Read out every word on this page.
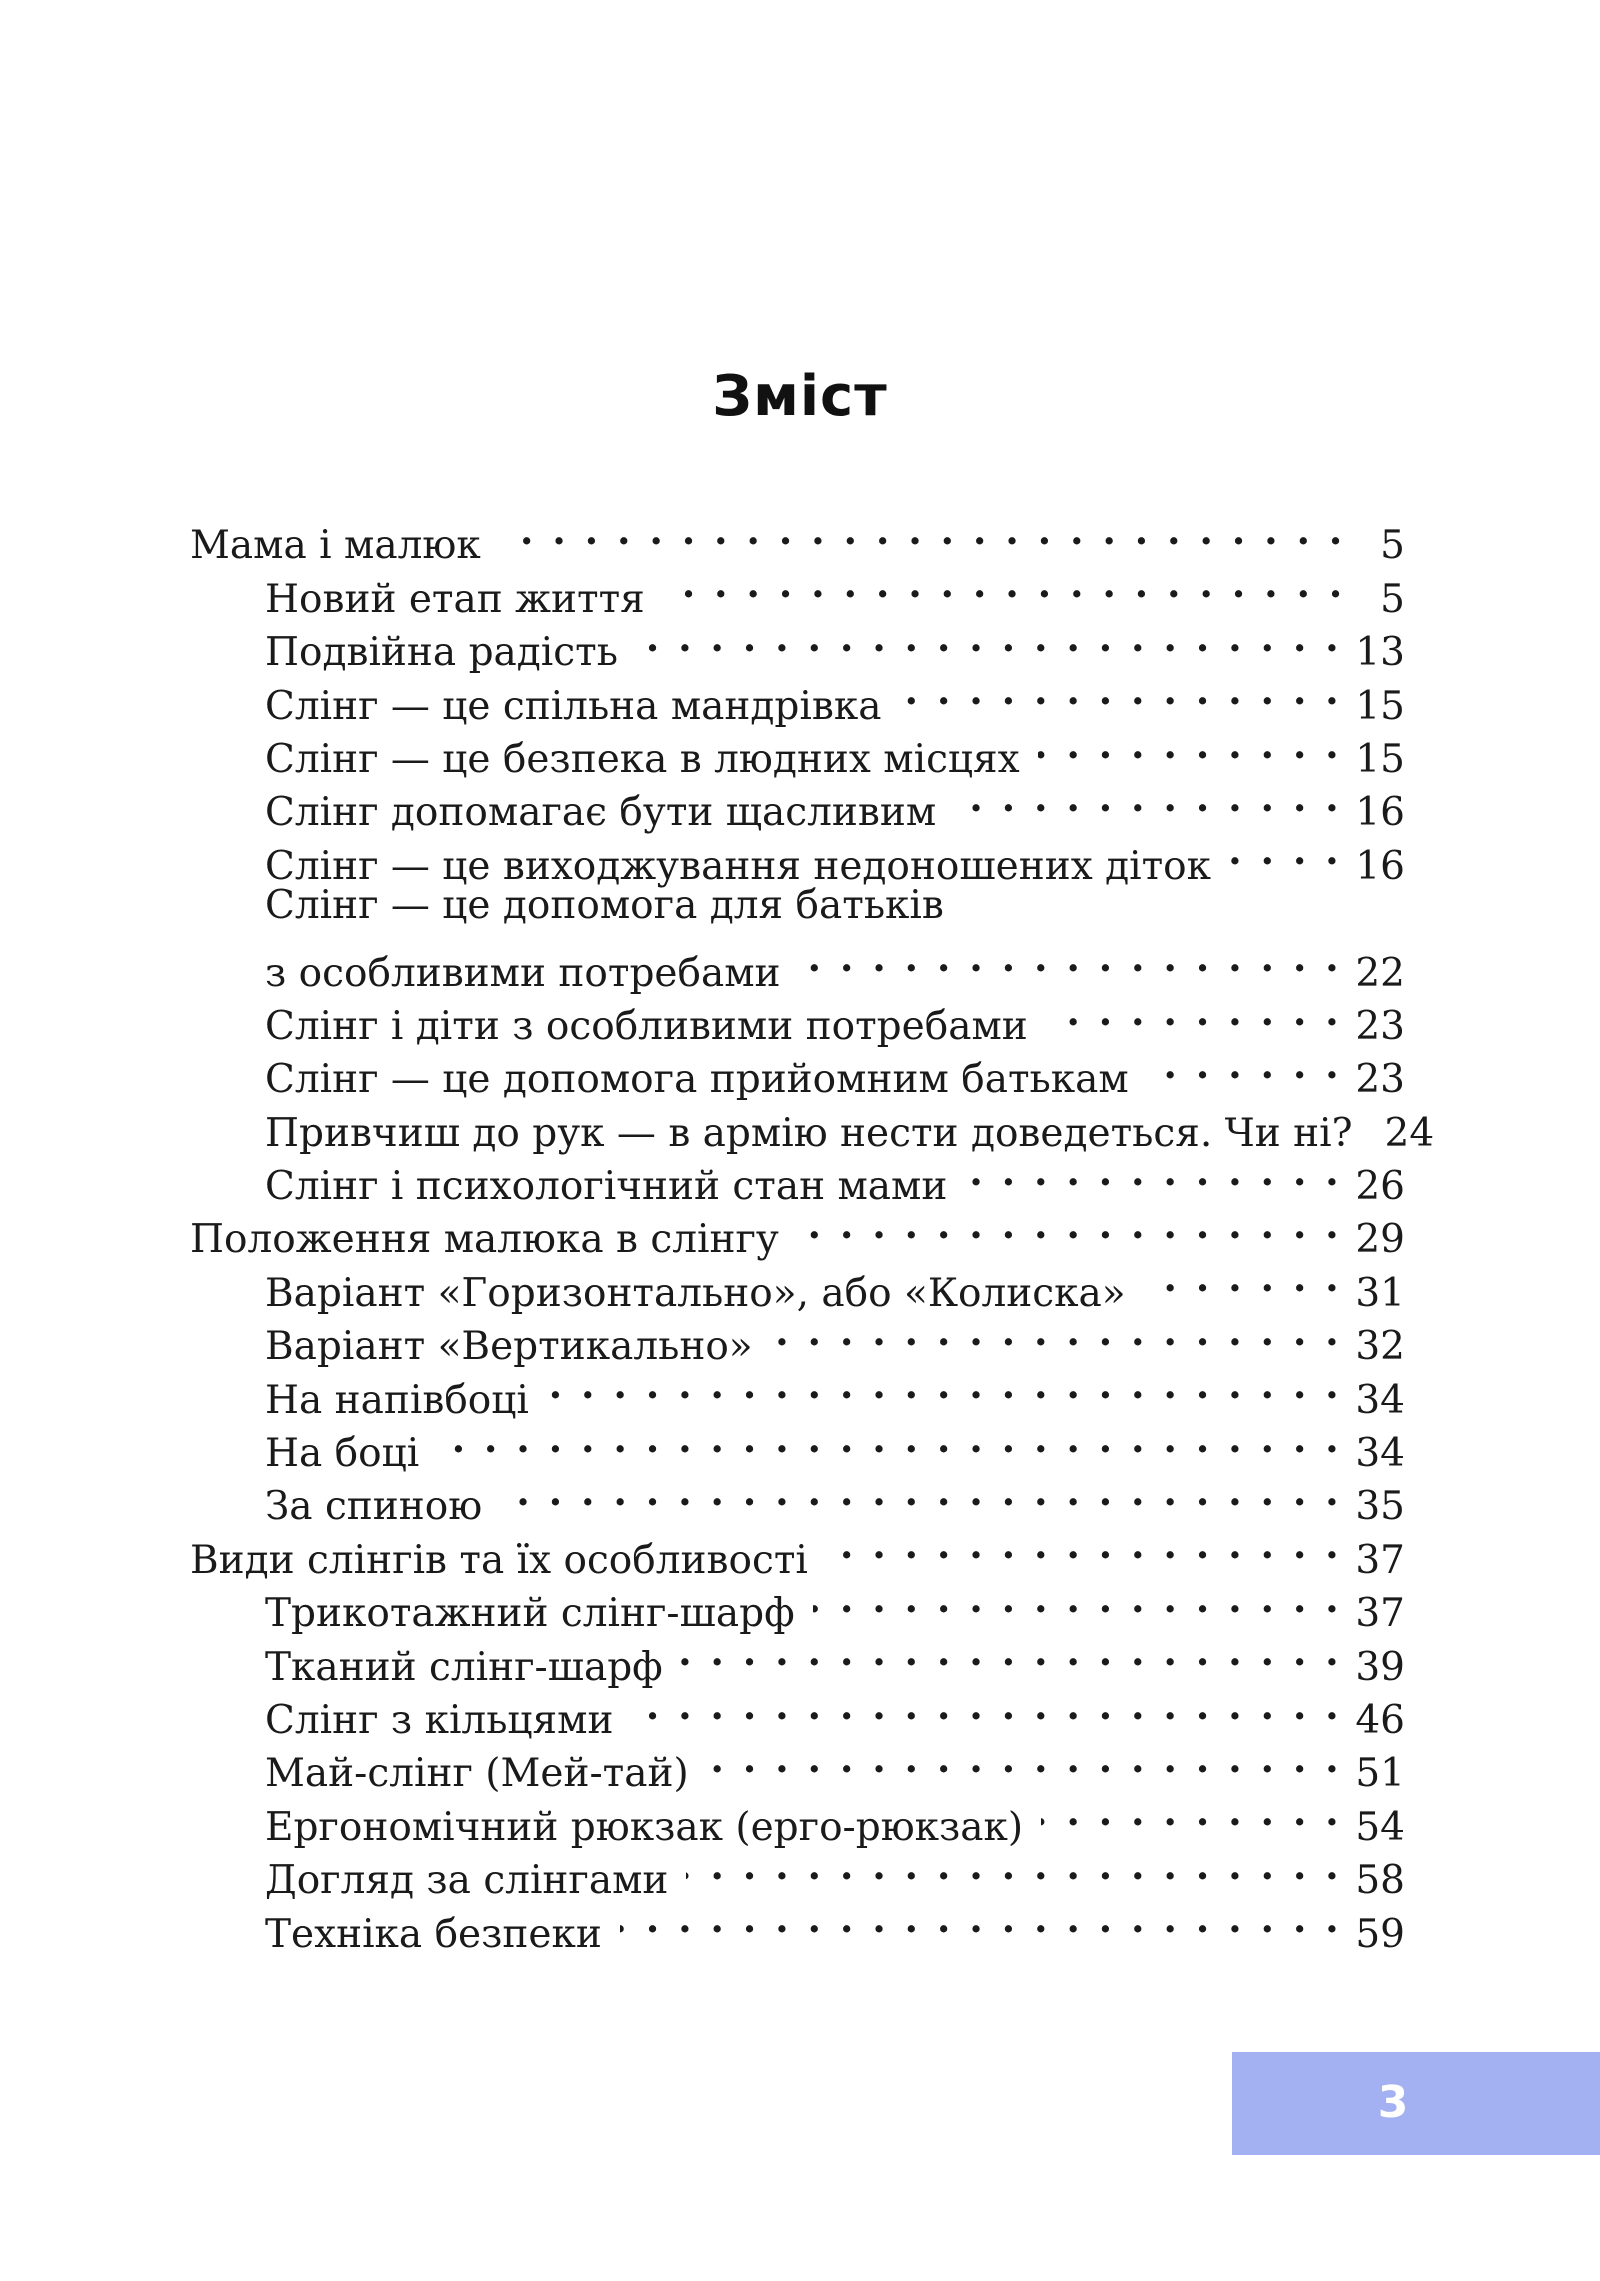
Зміст
Мама і малюк . . .	5
Новий етап життя . . .	5
Подвійна радість . . .	13
Слінг — це спільна мандрівка . . .	15
Слінг — це безпека в людних місцях . . .	15
Слінг допомагає бути щасливим . . .	16
Слінг — це виходжування недоношених діток . . .	16
Слінг — це допомога для батьків
з особливими потребами . . .	22
Слінг і діти з особливими потребами . . .	23
Слінг — це допомога прийомним батькам . . .	23
Привчиш до рук — в армію нести доведеться. Чи ні? 24
Слінг і психологічний стан мами . . .	26
Положення малюка в слінгу . . .	29
Варіант «Горизонтально», або «Колиска» . . .	31
Варіант «Вертикально» . . .	32
На напівбоці . . .	34
На боці . . .	34
За спиною . . .	35
Види слінгів та їх особливості . . .	37
Трикотажний слінг-шарф . . .	37
Тканий слінг-шарф . . .	39
Слінг з кільцями . . .	46
Май-слінг (Мей-тай) . . .	51
Ергономічний рюкзак (ерго-рюкзак) . . .	54
Догляд за слінгами . . .	58
Техніка безпеки . . .	59
3
